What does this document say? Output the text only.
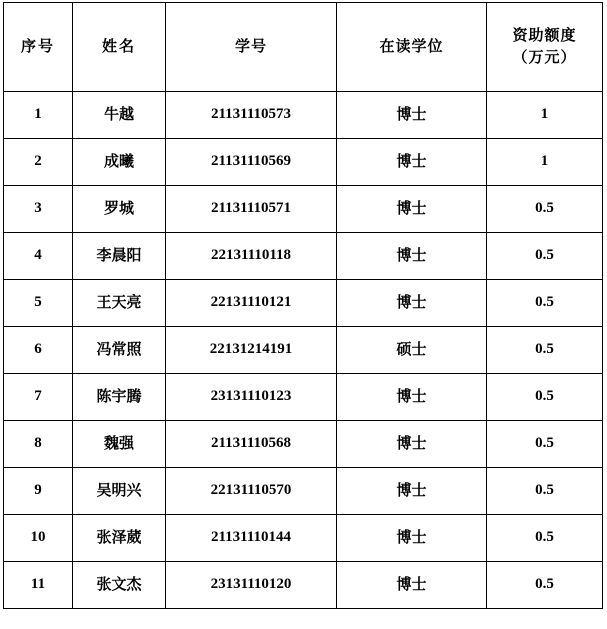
序号	姓名	学号	在读学位	资助额度
（万元）

1	牛越	21131110573	博士	1
2	成曦	21131110569	博士	1
3	罗城	21131110571	博士	0.5
4	李晨阳	22131110118	博士	0.5
5	王天亮	22131110121	博士	0.5
6	冯常照	22131214191	硕士	0.5
7	陈宇腾	23131110123	博士	0.5
8	魏强	21131110568	博士	0.5
9	吴明兴	22131110570	博士	0.5
10	张泽葳	21131110144	博士	0.5
11	张文杰	23131110120	博士	0.5
